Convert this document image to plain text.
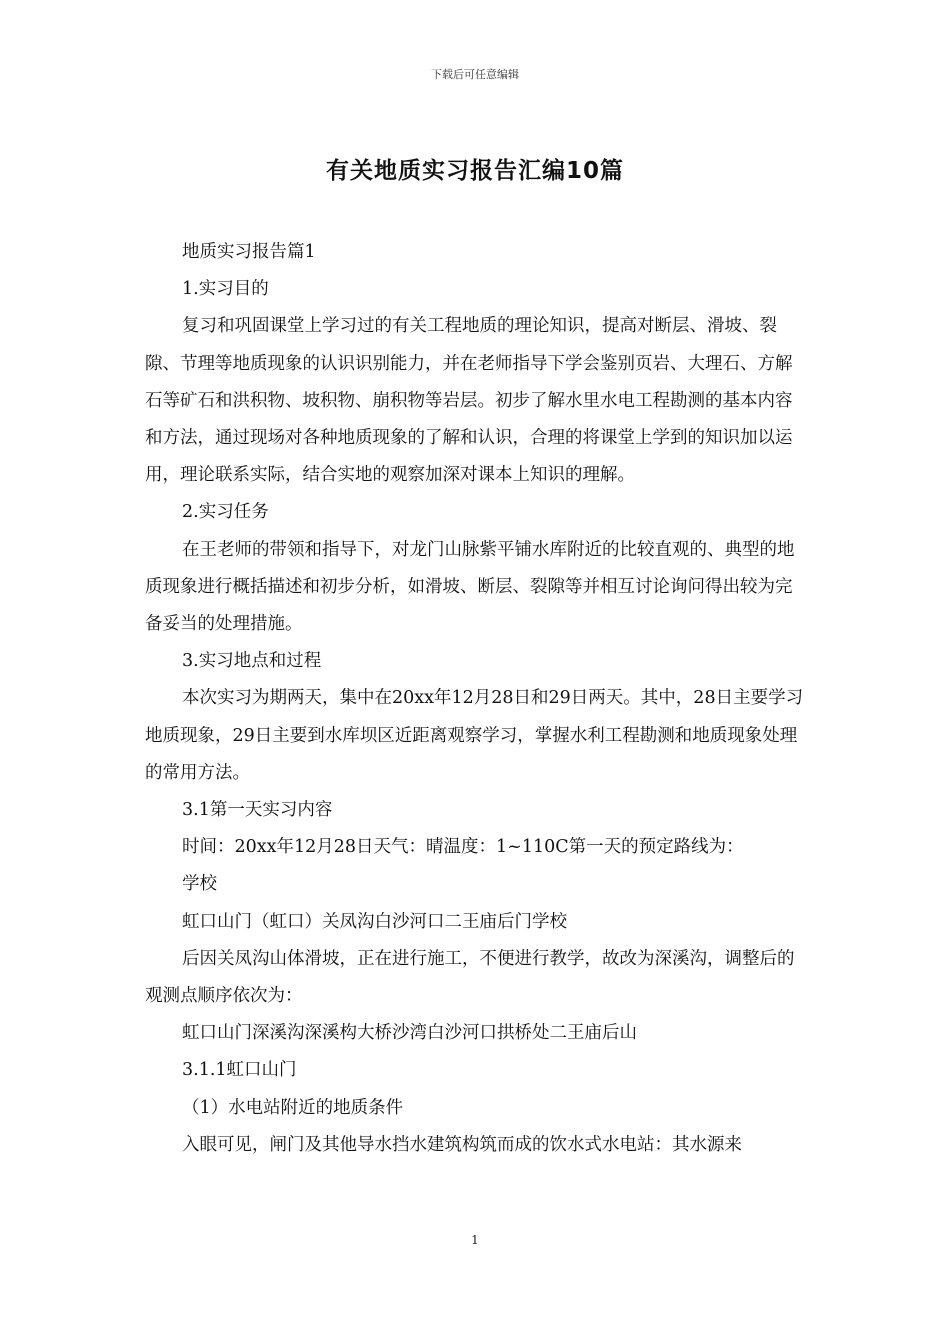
下载后可任意编辑
有关地质实习报告汇编10篇

地质实习报告篇1

1.实习目的

复习和巩固课堂上学习过的有关工程地质的理论知识，提高对断层、滑坡、裂隙、节理等地质现象的认识识别能力，并在老师指导下学会鉴别页岩、大理石、方解石等矿石和洪积物、坡积物、崩积物等岩层。初步了解水里水电工程勘测的基本内容和方法，通过现场对各种地质现象的了解和认识，合理的将课堂上学到的知识加以运用，理论联系实际，结合实地的观察加深对课本上知识的理解。

2.实习任务

在王老师的带领和指导下，对龙门山脉紫平铺水库附近的比较直观的、典型的地质现象进行概括描述和初步分析，如滑坡、断层、裂隙等并相互讨论询问得出较为完备妥当的处理措施。

3.实习地点和过程

本次实习为期两天，集中在20xx年12月28日和29日两天。其中，28日主要学习地质现象，29日主要到水库坝区近距离观察学习，掌握水利工程勘测和地质现象处理的常用方法。

3.1第一天实习内容

时间：20xx年12月28日天气：晴温度：1~110C第一天的预定路线为：

学校

虹口山门（虹口）关凤沟白沙河口二王庙后门学校

后因关凤沟山体滑坡，正在进行施工，不便进行教学，故改为深溪沟，调整后的观测点顺序依次为：

虹口山门深溪沟深溪构大桥沙湾白沙河口拱桥处二王庙后山

3.1.1虹口山门

（1）水电站附近的地质条件

入眼可见，闸门及其他导水挡水建筑构筑而成的饮水式水电站：其水源来

1
